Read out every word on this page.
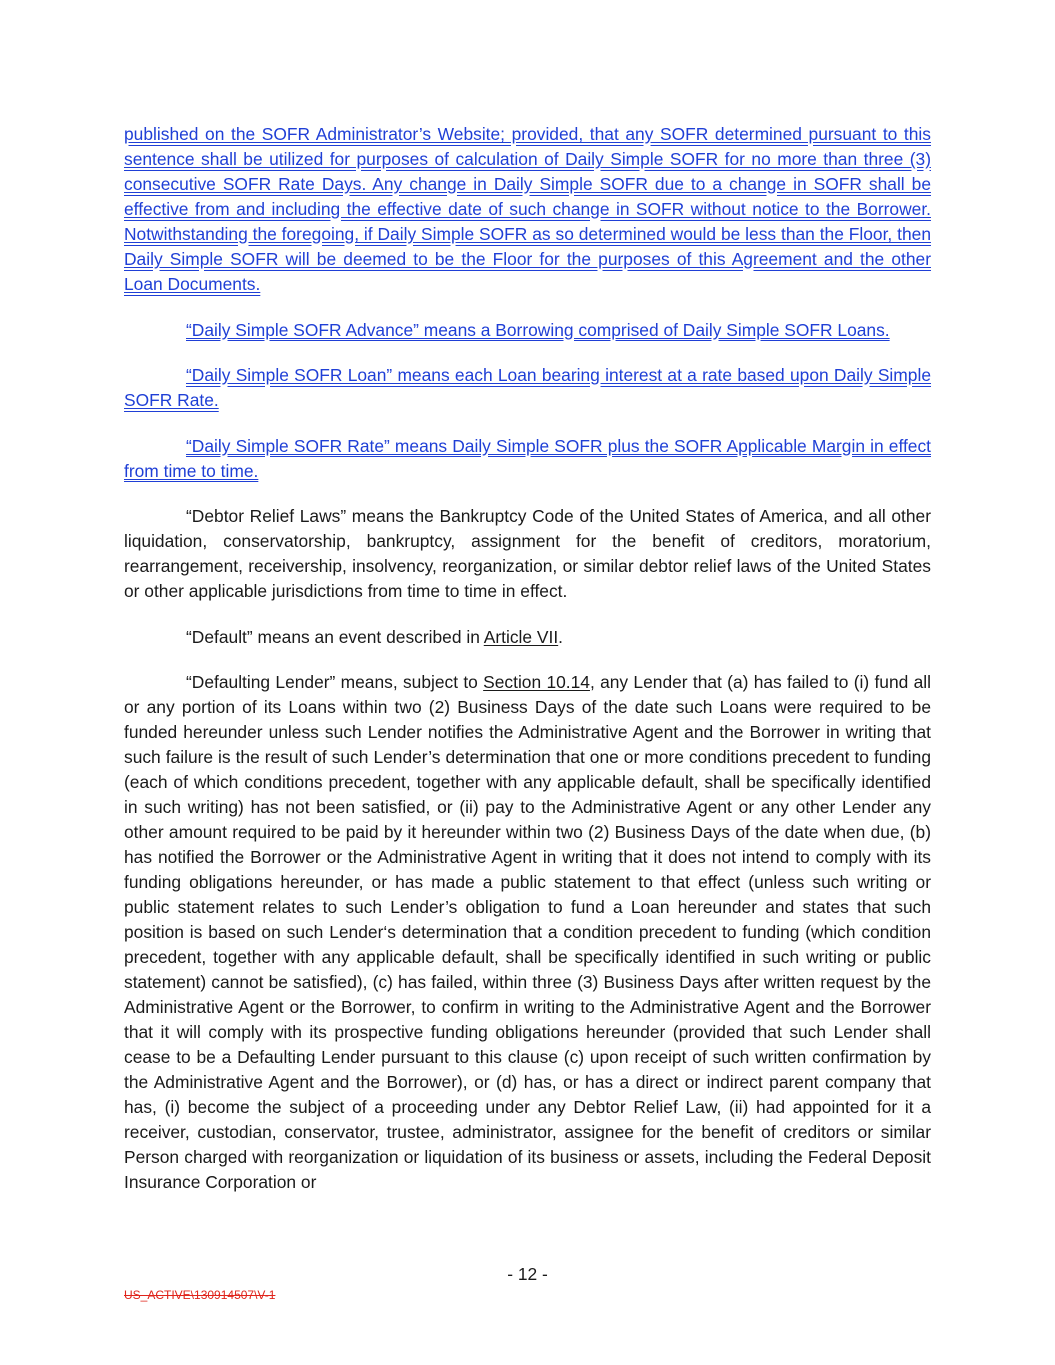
published on the SOFR Administrator’s Website; provided, that any SOFR determined pursuant to this sentence shall be utilized for purposes of calculation of Daily Simple SOFR for no more than three (3) consecutive SOFR Rate Days. Any change in Daily Simple SOFR due to a change in SOFR shall be effective from and including the effective date of such change in SOFR without notice to the Borrower. Notwithstanding the foregoing, if Daily Simple SOFR as so determined would be less than the Floor, then Daily Simple SOFR will be deemed to be the Floor for the purposes of this Agreement and the other Loan Documents.

“Daily Simple SOFR Advance” means a Borrowing comprised of Daily Simple SOFR Loans.

“Daily Simple SOFR Loan” means each Loan bearing interest at a rate based upon Daily Simple SOFR Rate.

“Daily Simple SOFR Rate” means Daily Simple SOFR plus the SOFR Applicable Margin in effect from time to time.

“Debtor Relief Laws” means the Bankruptcy Code of the United States of America, and all other liquidation, conservatorship, bankruptcy, assignment for the benefit of creditors, moratorium, rearrangement, receivership, insolvency, reorganization, or similar debtor relief laws of the United States or other applicable jurisdictions from time to time in effect.

“Default” means an event described in Article VII.

“Defaulting Lender” means, subject to Section 10.14, any Lender that (a) has failed to (i) fund all or any portion of its Loans within two (2) Business Days of the date such Loans were required to be funded hereunder unless such Lender notifies the Administrative Agent and the Borrower in writing that such failure is the result of such Lender’s determination that one or more conditions precedent to funding (each of which conditions precedent, together with any applicable default, shall be specifically identified in such writing) has not been satisfied, or (ii) pay to the Administrative Agent or any other Lender any other amount required to be paid by it hereunder within two (2) Business Days of the date when due, (b) has notified the Borrower or the Administrative Agent in writing that it does not intend to comply with its funding obligations hereunder, or has made a public statement to that effect (unless such writing or public statement relates to such Lender’s obligation to fund a Loan hereunder and states that such position is based on such Lender‘s determination that a condition precedent to funding (which condition precedent, together with any applicable default, shall be specifically identified in such writing or public statement) cannot be satisfied), (c) has failed, within three (3) Business Days after written request by the Administrative Agent or the Borrower, to confirm in writing to the Administrative Agent and the Borrower that it will comply with its prospective funding obligations hereunder (provided that such Lender shall cease to be a Defaulting Lender pursuant to this clause (c) upon receipt of such written confirmation by the Administrative Agent and the Borrower), or (d) has, or has a direct or indirect parent company that has, (i) become the subject of a proceeding under any Debtor Relief Law, (ii) had appointed for it a receiver, custodian, conservator, trustee, administrator, assignee for the benefit of creditors or similar Person charged with reorganization or liquidation of its business or assets, including the Federal Deposit Insurance Corporation or

- 12 -
US_ACTIVE\130914507\V-1
